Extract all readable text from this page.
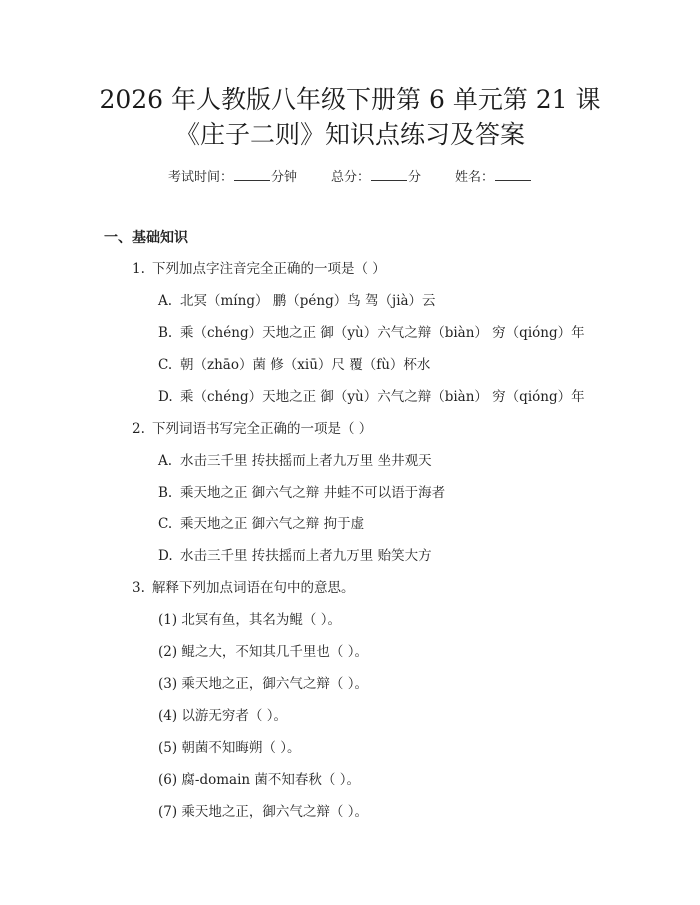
2026 年人教版八年级下册第 6 单元第 21 课
《庄子二则》知识点练习及答案
考试时间：	分钟	总分：	分	姓名：
一、基础知识
1. 下列加点字注音完全正确的一项是（ ）
A. 北冥（míng） 鹏（péng）鸟 驾（jià）云
B. 乘（chéng）天地之正 御（yù）六气之辩（biàn） 穷（qióng）年
C. 朝（zhāo）菌 修（xiū）尺 覆（fù）杯水
D. 乘（chéng）天地之正 御（yù）六气之辩（biàn） 穷（qióng）年
2. 下列词语书写完全正确的一项是（ ）
A. 水击三千里 抟扶摇而上者九万里 坐井观天
B. 乘天地之正 御六气之辩 井蛙不可以语于海者
C. 乘天地之正 御六气之辩 拘于虚
D. 水击三千里 抟扶摇而上者九万里 贻笑大方
3. 解释下列加点词语在句中的意思。
(1) 北冥有鱼，其名为鲲（ ）。
(2) 鲲之大，不知其几千里也（ ）。
(3) 乘天地之正，御六气之辩（ ）。
(4) 以游无穷者（ ）。
(5) 朝菌不知晦朔（ ）。
(6) 腐-domain 菌不知春秋（ ）。
(7) 乘天地之正，御六气之辩（ ）。
